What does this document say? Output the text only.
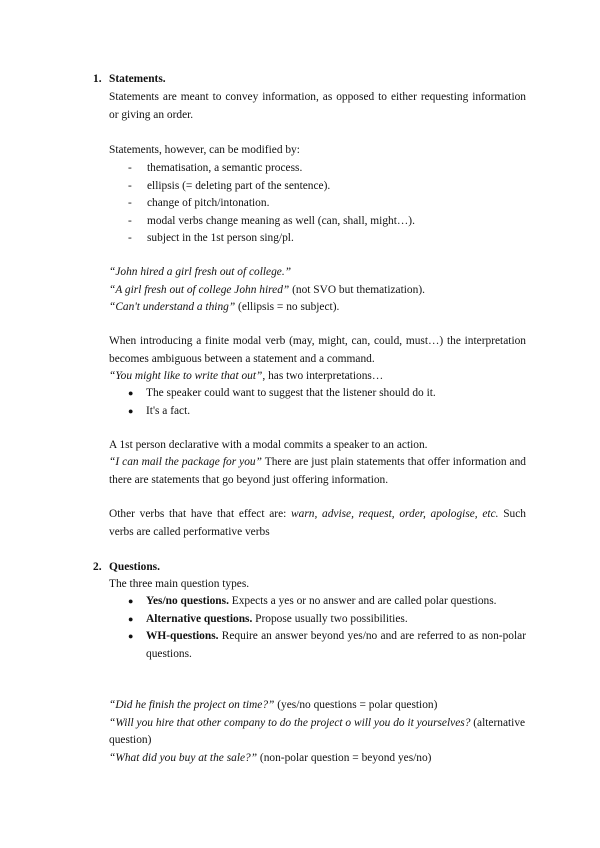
1. Statements.

Statements are meant to convey information, as opposed to either requesting information or giving an order.

Statements, however, can be modified by:

- thematisation, a semantic process.
- ellipsis (= deleting part of the sentence).
- change of pitch/intonation.
- modal verbs change meaning as well (can, shall, might…).
- subject in the 1st person sing/pl.

“John hired a girl fresh out of college.”

“A girl fresh out of college John hired” (not SVO but thematization).

“Can't understand a thing” (ellipsis = no subject).

When introducing a finite modal verb (may, might, can, could, must…) the interpretation becomes ambiguous between a statement and a command.

“You might like to write that out”, has two interpretations…

● The speaker could want to suggest that the listener should do it.
● It's a fact.

A 1st person declarative with a modal commits a speaker to an action.

“I can mail the package for you” There are just plain statements that offer information and there are statements that go beyond just offering information.

Other verbs that have that effect are: warn, advise, request, order, apologise, etc. Such verbs are called performative verbs

2. Questions.

The three main question types.

● Yes/no questions. Expects a yes or no answer and are called polar questions.
● Alternative questions. Propose usually two possibilities.
● WH-questions. Require an answer beyond yes/no and are referred to as non-polar questions.

“Did he finish the project on time?” (yes/no questions = polar question)

“Will you hire that other company to do the project o will you do it yourselves? (alternative question)

“What did you buy at the sale?” (non-polar question = beyond yes/no)
